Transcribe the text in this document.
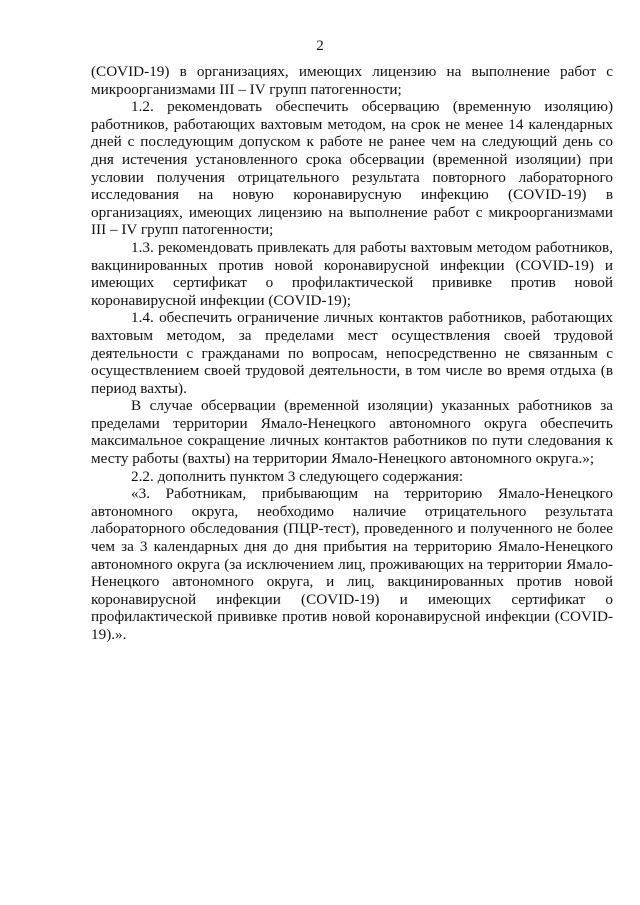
2

(COVID-19) в организациях, имеющих лицензию на выполнение работ с микроорганизмами III – IV групп патогенности;

1.2. рекомендовать обеспечить обсервацию (временную изоляцию) работников, работающих вахтовым методом, на срок не менее 14 календарных дней с последующим допуском к работе не ранее чем на следующий день со дня истечения установленного срока обсервации (временной изоляции) при условии получения отрицательного результата повторного лабораторного исследования на новую коронавирусную инфекцию (COVID-19) в организациях, имеющих лицензию на выполнение работ с микроорганизмами III – IV групп патогенности;

1.3. рекомендовать привлекать для работы вахтовым методом работников, вакцинированных против новой коронавирусной инфекции (COVID-19) и имеющих сертификат о профилактической прививке против новой коронавирусной инфекции (COVID-19);

1.4. обеспечить ограничение личных контактов работников, работающих вахтовым методом, за пределами мест осуществления своей трудовой деятельности с гражданами по вопросам, непосредственно не связанным с осуществлением своей трудовой деятельности, в том числе во время отдыха (в период вахты).

В случае обсервации (временной изоляции) указанных работников за пределами территории Ямало-Ненецкого автономного округа обеспечить максимальное сокращение личных контактов работников по пути следования к месту работы (вахты) на территории Ямало-Ненецкого автономного округа.»;

2.2. дополнить пунктом 3 следующего содержания:

«3. Работникам, прибывающим на территорию Ямало-Ненецкого автономного округа, необходимо наличие отрицательного результата лабораторного обследования (ПЦР-тест), проведенного и полученного не более чем за 3 календарных дня до дня прибытия на территорию Ямало-Ненецкого автономного округа (за исключением лиц, проживающих на территории Ямало-Ненецкого автономного округа, и лиц, вакцинированных против новой коронавирусной инфекции (COVID-19) и имеющих сертификат о профилактической прививке против новой коронавирусной инфекции (COVID-19).».
